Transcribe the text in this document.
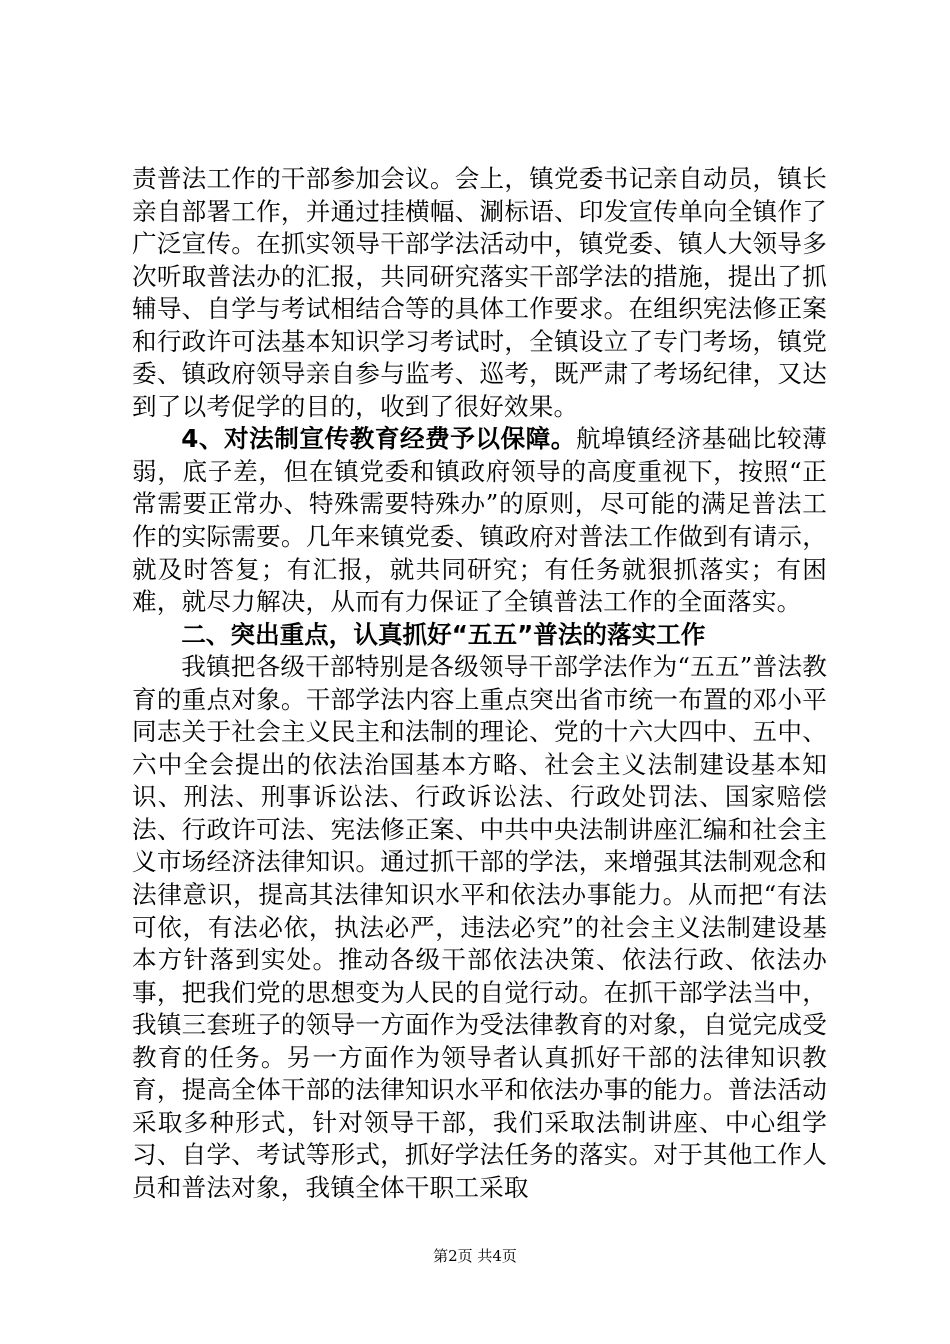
责普法工作的干部参加会议。会上，镇党委书记亲自动员，镇长亲自部署工作，并通过挂横幅、涮标语、印发宣传单向全镇作了广泛宣传。在抓实领导干部学法活动中，镇党委、镇人大领导多次听取普法办的汇报，共同研究落实干部学法的措施，提出了抓辅导、自学与考试相结合等的具体工作要求。在组织宪法修正案和行政许可法基本知识学习考试时，全镇设立了专门考场，镇党委、镇政府领导亲自参与监考、巡考，既严肃了考场纪律，又达到了以考促学的目的，收到了很好效果。

4、对法制宣传教育经费予以保障。航埠镇经济基础比较薄弱，底子差，但在镇党委和镇政府领导的高度重视下，按照“正常需要正常办、特殊需要特殊办”的原则，尽可能的满足普法工作的实际需要。几年来镇党委、镇政府对普法工作做到有请示，就及时答复；有汇报，就共同研究；有任务就狠抓落实；有困难，就尽力解决，从而有力保证了全镇普法工作的全面落实。

二、突出重点，认真抓好“五五”普法的落实工作

我镇把各级干部特别是各级领导干部学法作为“五五”普法教育的重点对象。干部学法内容上重点突出省市统一布置的邓小平同志关于社会主义民主和法制的理论、党的十六大四中、五中、六中全会提出的依法治国基本方略、社会主义法制建设基本知识、刑法、刑事诉讼法、行政诉讼法、行政处罚法、国家赔偿法、行政许可法、宪法修正案、中共中央法制讲座汇编和社会主义市场经济法律知识。通过抓干部的学法，来增强其法制观念和法律意识，提高其法律知识水平和依法办事能力。从而把“有法可依，有法必依，执法必严，违法必究”的社会主义法制建设基本方针落到实处。推动各级干部依法决策、依法行政、依法办事，把我们党的思想变为人民的自觉行动。在抓干部学法当中，我镇三套班子的领导一方面作为受法律教育的对象，自觉完成受教育的任务。另一方面作为领导者认真抓好干部的法律知识教育，提高全体干部的法律知识水平和依法办事的能力。普法活动采取多种形式，针对领导干部，我们采取法制讲座、中心组学习、自学、考试等形式，抓好学法任务的落实。对于其他工作人员和普法对象，我镇全体干职工采取

第2页 共4页
